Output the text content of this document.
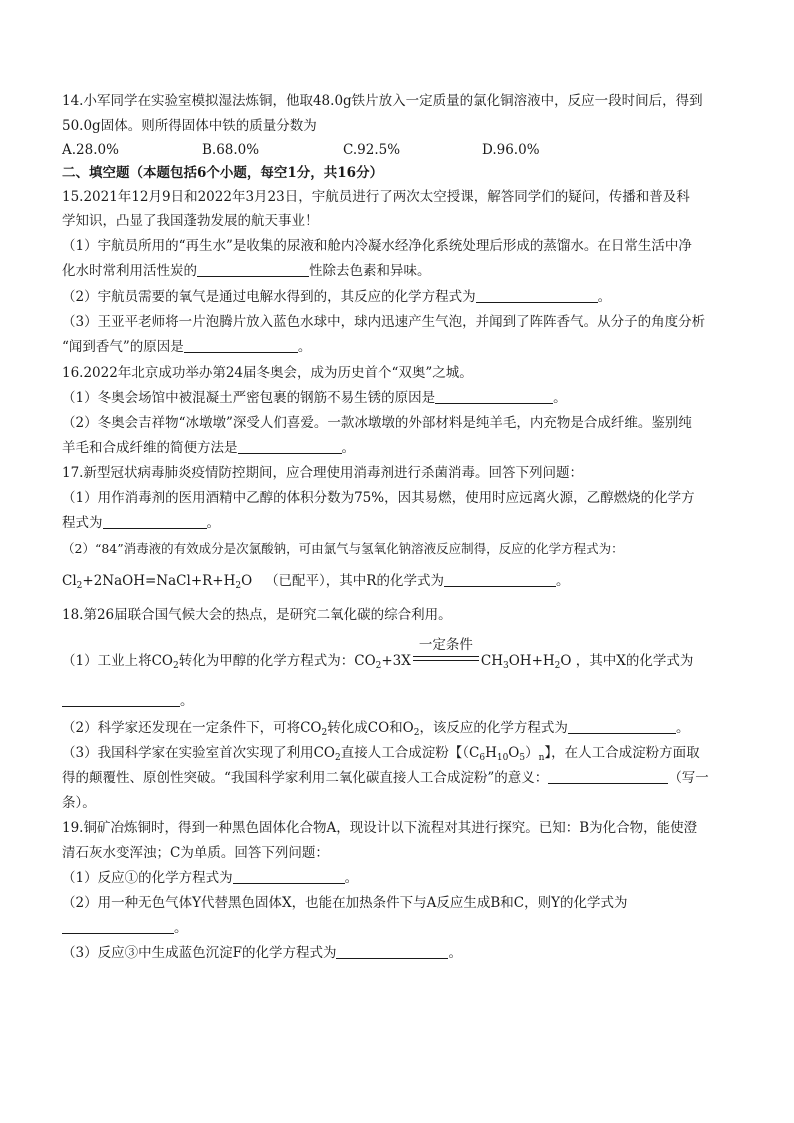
14.小军同学在实验室模拟湿法炼铜，他取48.0g铁片放入一定质量的氯化铜溶液中，反应一段时间后，得到
50.0g固体。则所得固体中铁的质量分数为
A.28.0%	B.68.0%	C.92.5%	D.96.0%
二、填空题（本题包括6个小题，每空1分，共16分）
15.2021年12月9日和2022年3月23日，宇航员进行了两次太空授课，解答同学们的疑问，传播和普及科
学知识，凸显了我国蓬勃发展的航天事业！
（1）宇航员所用的“再生水”是收集的尿液和舱内冷凝水经净化系统处理后形成的蒸馏水。在日常生活中净
化水时常利用活性炭的	性除去色素和异味。
（2）宇航员需要的氧气是通过电解水得到的，其反应的化学方程式为	。
（3）王亚平老师将一片泡腾片放入蓝色水球中，球内迅速产生气泡，并闻到了阵阵香气。从分子的角度分析
“闻到香气”的原因是	。
16.2022年北京成功举办第24届冬奥会，成为历史首个“双奥”之城。
（1）冬奥会场馆中被混凝土严密包裹的钢筋不易生锈的原因是	。
（2）冬奥会吉祥物“冰墩墩”深受人们喜爱。一款冰墩墩的外部材料是纯羊毛，内充物是合成纤维。鉴别纯
羊毛和合成纤维的简便方法是	。
17.新型冠状病毒肺炎疫情防控期间，应合理使用消毒剂进行杀菌消毒。回答下列问题：
（1）用作消毒剂的医用酒精中乙醇的体积分数为75%，因其易燃，使用时应远离火源，乙醇燃烧的化学方
程式为	。
（2）“84”消毒液的有效成分是次氯酸钠，可由氯气与氢氧化钠溶液反应制得，反应的化学方程式为：
$Cl_2+2NaOH=NaCl+R+H_2O$ （已配平），其中R的化学式为	。
18.第26届联合国气候大会的热点，是研究二氧化碳的综合利用。
（1）工业上将$CO_2$转化为甲醇的化学方程式为：$CO_2+3X$
一定条件
$CH_3OH+H_2O$ ，其中X的化学式为
。
（2）科学家还发现在一定条件下，可将$CO_2$转化成CO和$O_2$，该反应的化学方程式为	。
（3）我国科学家在实验室首次实现了利用$CO_2$直接人工合成淀粉【$(C_6H_{10}O_5)_n$】，在人工合成淀粉方面取
得的颠覆性、原创性突破。“我国科学家利用二氧化碳直接人工合成淀粉”的意义：	（写一
条）。
19.铜矿冶炼铜时，得到一种黑色固体化合物A，现设计以下流程对其进行探究。已知：B为化合物，能使澄
清石灰水变浑浊；C为单质。回答下列问题：
（1）反应①的化学方程式为	。
（2）用一种无色气体Y代替黑色固体X，也能在加热条件下与A反应生成B和C，则Y的化学式为
。
（3）反应③中生成蓝色沉淀F的化学方程式为	。
